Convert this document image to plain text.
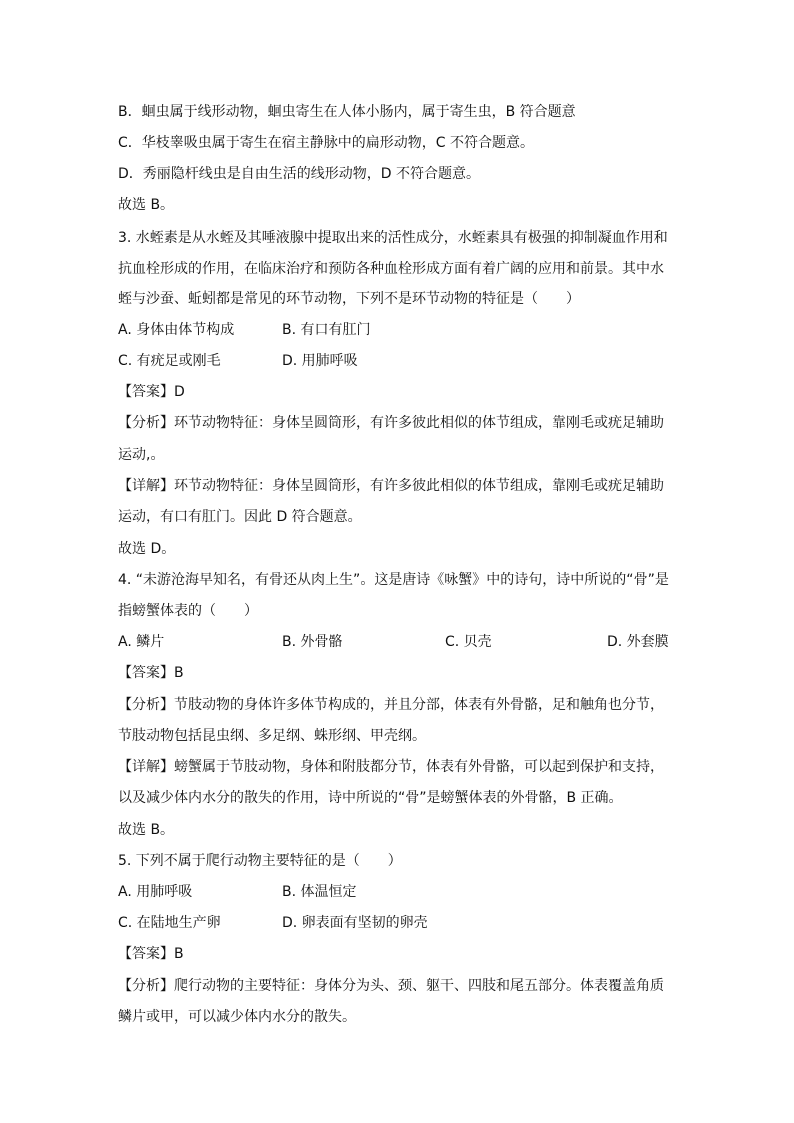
B．蛔虫属于线形动物，蛔虫寄生在人体小肠内，属于寄生虫，B 符合题意
C．华枝睾吸虫属于寄生在宿主静脉中的扁形动物，C 不符合题意。
D．秀丽隐杆线虫是自由生活的线形动物，D 不符合题意。
故选 B。
3. 水蛭素是从水蛭及其唾液腺中提取出来的活性成分，水蛭素具有极强的抑制凝血作用和
抗血栓形成的作用，在临床治疗和预防各种血栓形成方面有着广阔的应用和前景。其中水
蛭与沙蚕、蚯蚓都是常见的环节动物，下列不是环节动物的特征是（　　）
A. 身体由体节构成	B. 有口有肛门
C. 有疣足或刚毛	D. 用肺呼吸
【答案】D
【分析】环节动物特征：身体呈圆筒形，有许多彼此相似的体节组成，靠刚毛或疣足辅助
运动,。
【详解】环节动物特征：身体呈圆筒形，有许多彼此相似的体节组成，靠刚毛或疣足辅助
运动，有口有肛门。因此 D 符合题意。
故选 D。
4. “未游沧海早知名，有骨还从肉上生”。这是唐诗《咏蟹》中的诗句，诗中所说的“骨”是
指螃蟹体表的（　　）
A. 鳞片	B. 外骨骼	C. 贝壳	D. 外套膜
【答案】B
【分析】节肢动物的身体许多体节构成的，并且分部，体表有外骨骼，足和触角也分节，
节肢动物包括昆虫纲、多足纲、蛛形纲、甲壳纲。
【详解】螃蟹属于节肢动物，身体和附肢都分节，体表有外骨骼，可以起到保护和支持，
以及减少体内水分的散失的作用，诗中所说的“骨”是螃蟹体表的外骨骼，B 正确。
故选 B。
5. 下列不属于爬行动物主要特征的是（　　）
A. 用肺呼吸	B. 体温恒定
C. 在陆地生产卵	D. 卵表面有坚韧的卵壳
【答案】B
【分析】爬行动物的主要特征：身体分为头、颈、躯干、四肢和尾五部分。体表覆盖角质
鳞片或甲，可以减少体内水分的散失。
